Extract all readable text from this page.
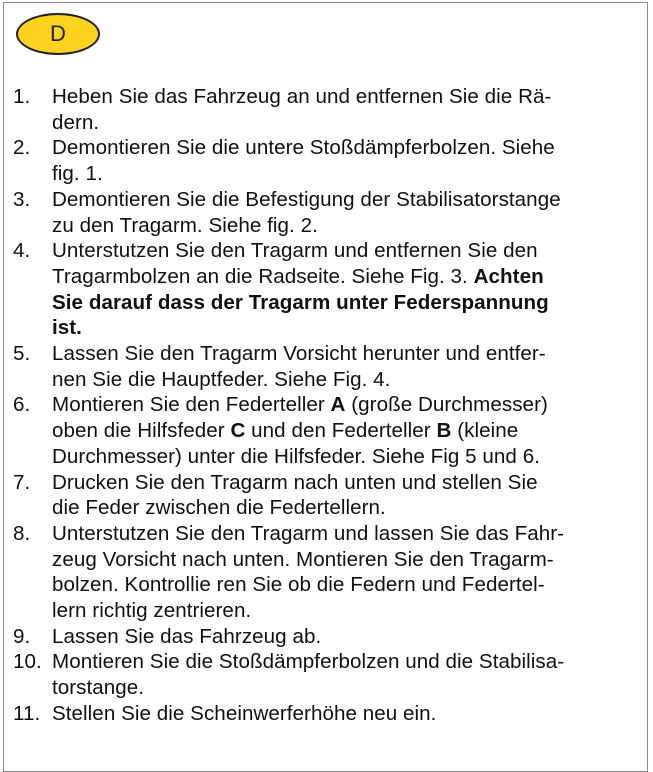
D
1.	Heben Sie das Fahrzeug an und entfernen Sie die Rä-
dern.
2.	Demontieren Sie die untere Stoßdämpferbolzen. Siehe
fig. 1.
3.	Demontieren Sie die Befestigung der Stabilisatorstange
zu den Tragarm. Siehe fig. 2.
4.	Unterstutzen Sie den Tragarm und entfernen Sie den
Tragarmbolzen an die Radseite. Siehe Fig. 3. Achten
Sie darauf dass der Tragarm unter Federspannung
ist.
5.	Lassen Sie den Tragarm Vorsicht herunter und entfer-
nen Sie die Hauptfeder. Siehe Fig. 4.
6.	Montieren Sie den Federteller A (große Durchmesser)
oben die Hilfsfeder C und den Federteller B (kleine
Durchmesser) unter die Hilfsfeder. Siehe Fig 5 und 6.
7.	Drucken Sie den Tragarm nach unten und stellen Sie
die Feder zwischen die Federtellern.
8.	Unterstutzen Sie den Tragarm und lassen Sie das Fahr-
zeug Vorsicht nach unten. Montieren Sie den Tragarm-
bolzen. Kontrollie ren Sie ob die Federn und Federtel-
lern richtig zentrieren.
9.	Lassen Sie das Fahrzeug ab.
10. Montieren Sie die Stoßdämpferbolzen und die Stabilisa-
torstange.
11. Stellen Sie die Scheinwerferhöhe neu ein.
